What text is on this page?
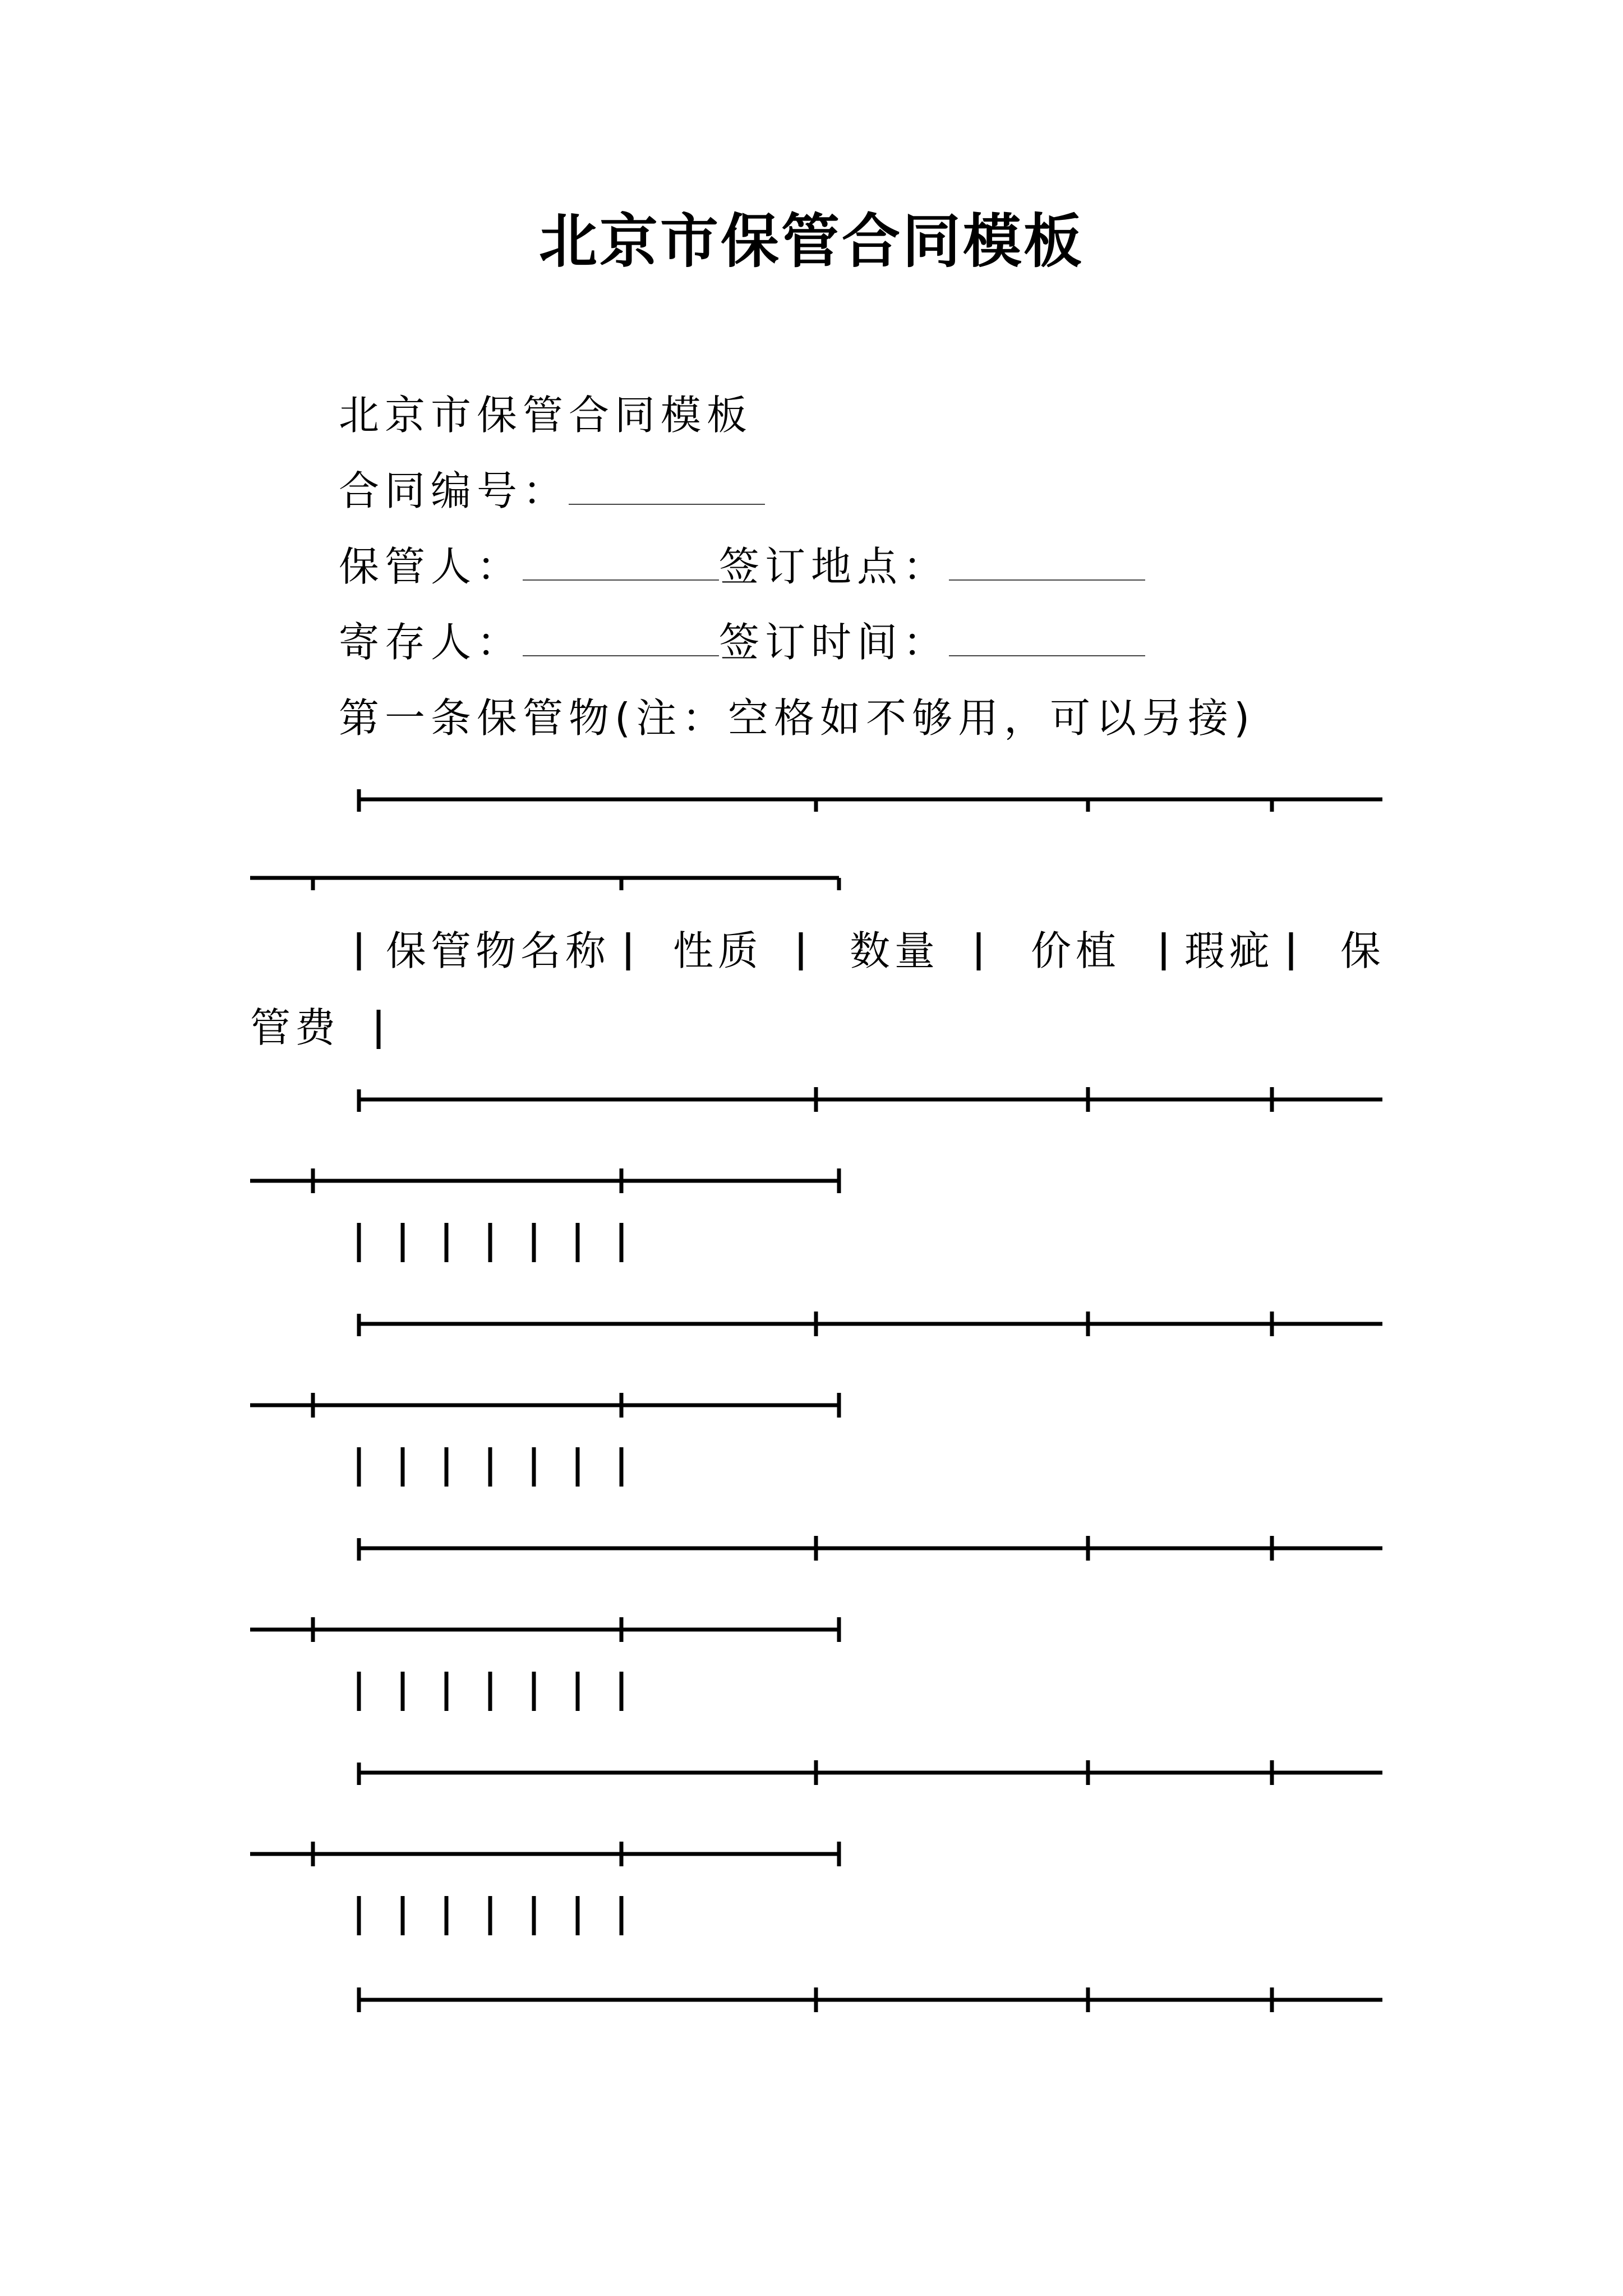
北京市保管合同模板
北京市保管合同模板
合同编号：
保管人：	签订地点：
寄存人：	签订时间：
第一条保管物(注：空格如不够用，可以另接)
保管物名称 性质 数量 价植 瑕疵 保
管费
